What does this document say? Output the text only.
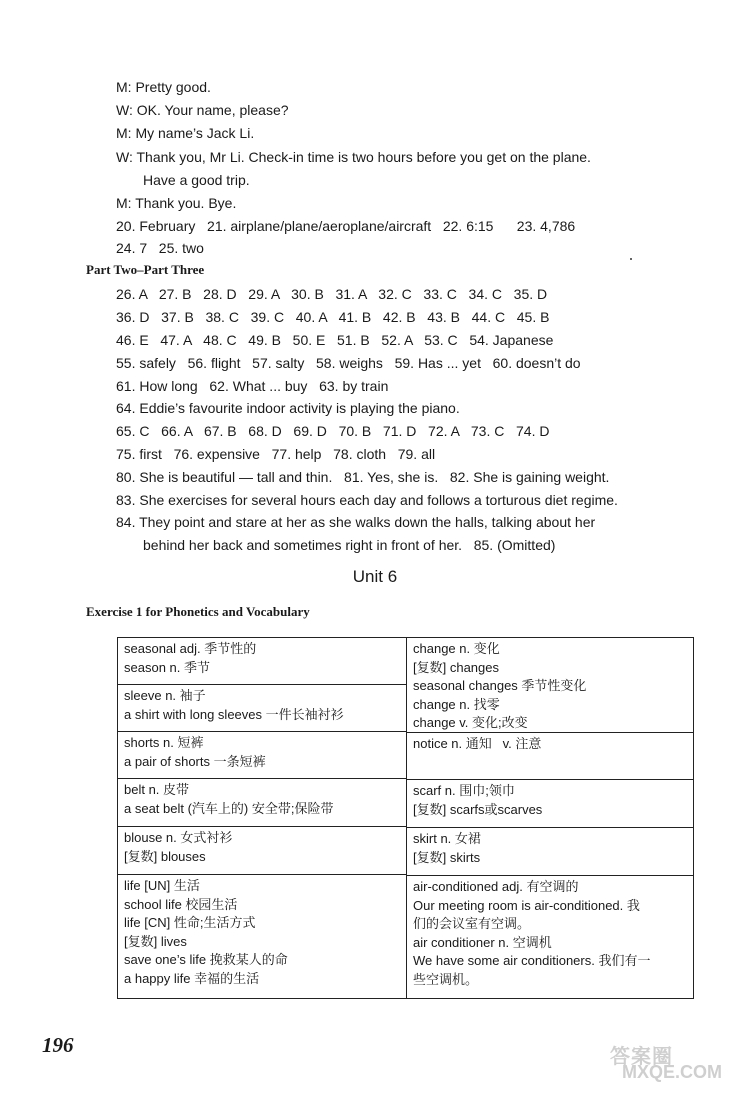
M: Pretty good.
W: OK. Your name, please?
M: My name’s Jack Li.
W: Thank you, Mr Li. Check-in time is two hours before you get on the plane.
Have a good trip.
M: Thank you. Bye.
20. February   21. airplane/plane/aeroplane/aircraft   22. 6:15      23. 4,786
24. 7   25. two
Part Two–Part Three
26. A   27. B   28. D   29. A   30. B   31. A   32. C   33. C   34. C   35. D
36. D   37. B   38. C   39. C   40. A   41. B   42. B   43. B   44. C   45. B
46. E   47. A   48. C   49. B   50. E   51. B   52. A   53. C   54. Japanese
55. safely   56. flight   57. salty   58. weighs   59. Has ... yet   60. doesn’t do
61. How long   62. What ... buy   63. by train
64. Eddie’s favourite indoor activity is playing the piano.
65. C   66. A   67. B   68. D   69. D   70. B   71. D   72. A   73. C   74. D
75. first   76. expensive   77. help   78. cloth   79. all
80. She is beautiful — tall and thin.   81. Yes, she is.   82. She is gaining weight.
83. She exercises for several hours each day and follows a torturous diet regime.
84. They point and stare at her as she walks down the halls, talking about her
behind her back and sometimes right in front of her.   85. (Omitted)
Unit 6
Exercise 1 for Phonetics and Vocabulary
seasonal adj. 季节性的
season n. 季节
sleeve n. 袖子
a shirt with long sleeves 一件长袖衬衫
shorts n. 短裤
a pair of shorts 一条短裤
belt n. 皮带
a seat belt (汽车上的) 安全带;保险带
blouse n. 女式衬衫
[复数] blouses
life [UN] 生活
school life 校园生活
life [CN] 性命;生活方式
[复数] lives
save one’s life 挽救某人的命
a happy life 幸福的生活
change n. 变化
[复数] changes
seasonal changes 季节性变化
change n. 找零
change v. 变化;改变
notice n. 通知   v. 注意
scarf n. 围巾;领巾
[复数] scarfs或scarves
skirt n. 女裙
[复数] skirts
air-conditioned adj. 有空调的
Our meeting room is air-conditioned. 我
们的会议室有空调。
air conditioner n. 空调机
We have some air conditioners. 我们有一
些空调机。
196	答案圈
MXQE.COM
